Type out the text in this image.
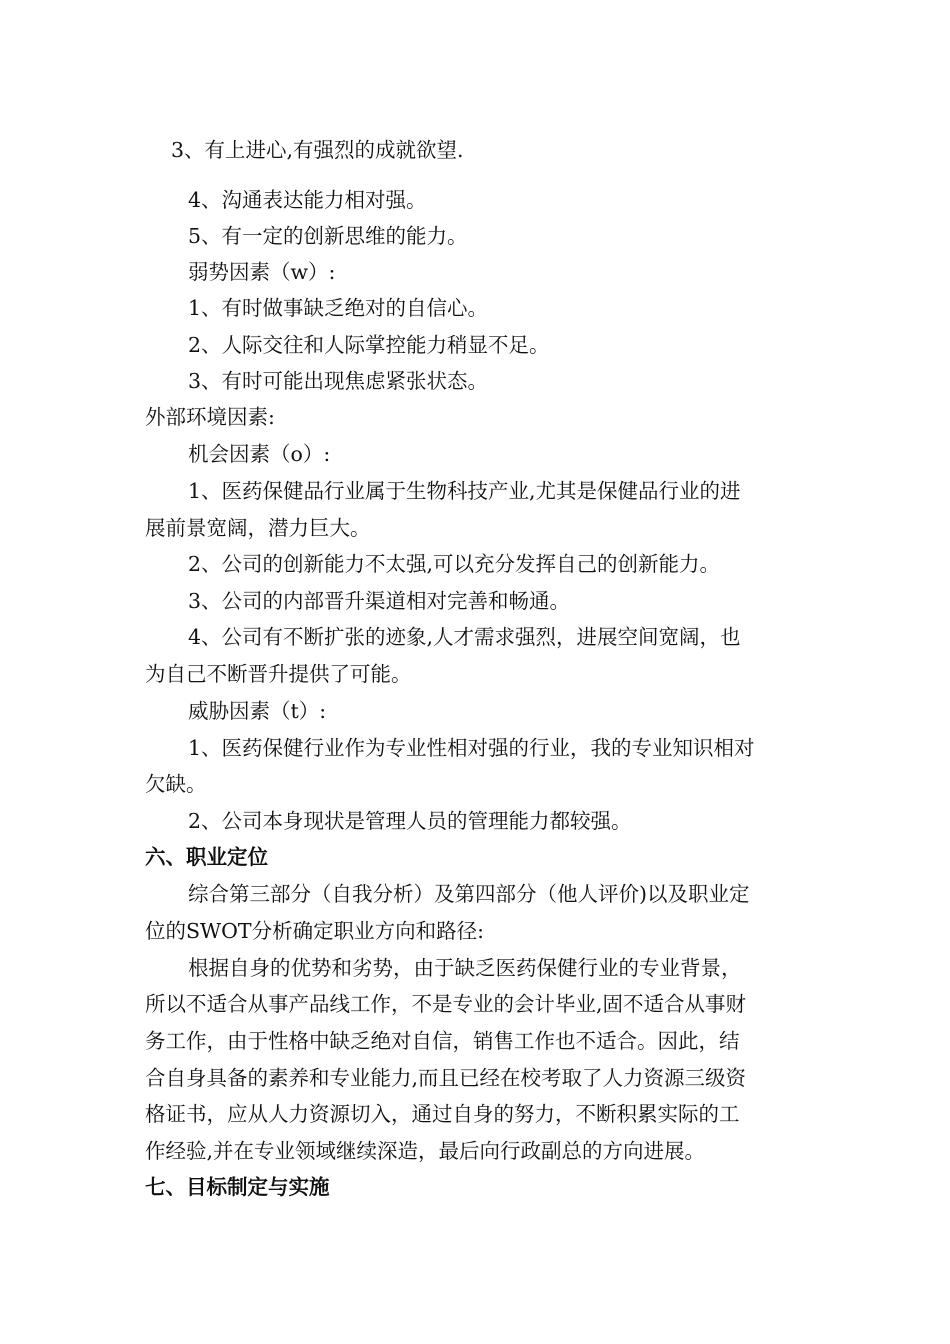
3、有上进心,有强烈的成就欲望.
4、沟通表达能力相对强。
5、有一定的创新思维的能力。
弱势因素（w）:
1、有时做事缺乏绝对的自信心。
2、人际交往和人际掌控能力稍显不足。
3、有时可能出现焦虑紧张状态。
外部环境因素:
机会因素（o）:
1、医药保健品行业属于生物科技产业,尤其是保健品行业的进
展前景宽阔，潜力巨大。
2、公司的创新能力不太强,可以充分发挥自己的创新能力。
3、公司的内部晋升渠道相对完善和畅通。
4、公司有不断扩张的迹象,人才需求强烈，进展空间宽阔，也
为自己不断晋升提供了可能。
威胁因素（t）:
1、医药保健行业作为专业性相对强的行业，我的专业知识相对
欠缺。
2、公司本身现状是管理人员的管理能力都较强。
六、职业定位
综合第三部分（自我分析）及第四部分（他人评价)以及职业定
位的SWOT分析确定职业方向和路径:
根据自身的优势和劣势，由于缺乏医药保健行业的专业背景，
所以不适合从事产品线工作，不是专业的会计毕业,固不适合从事财
务工作，由于性格中缺乏绝对自信，销售工作也不适合。因此，结
合自身具备的素养和专业能力,而且已经在校考取了人力资源三级资
格证书，应从人力资源切入，通过自身的努力，不断积累实际的工
作经验,并在专业领域继续深造，最后向行政副总的方向进展。
七、目标制定与实施
